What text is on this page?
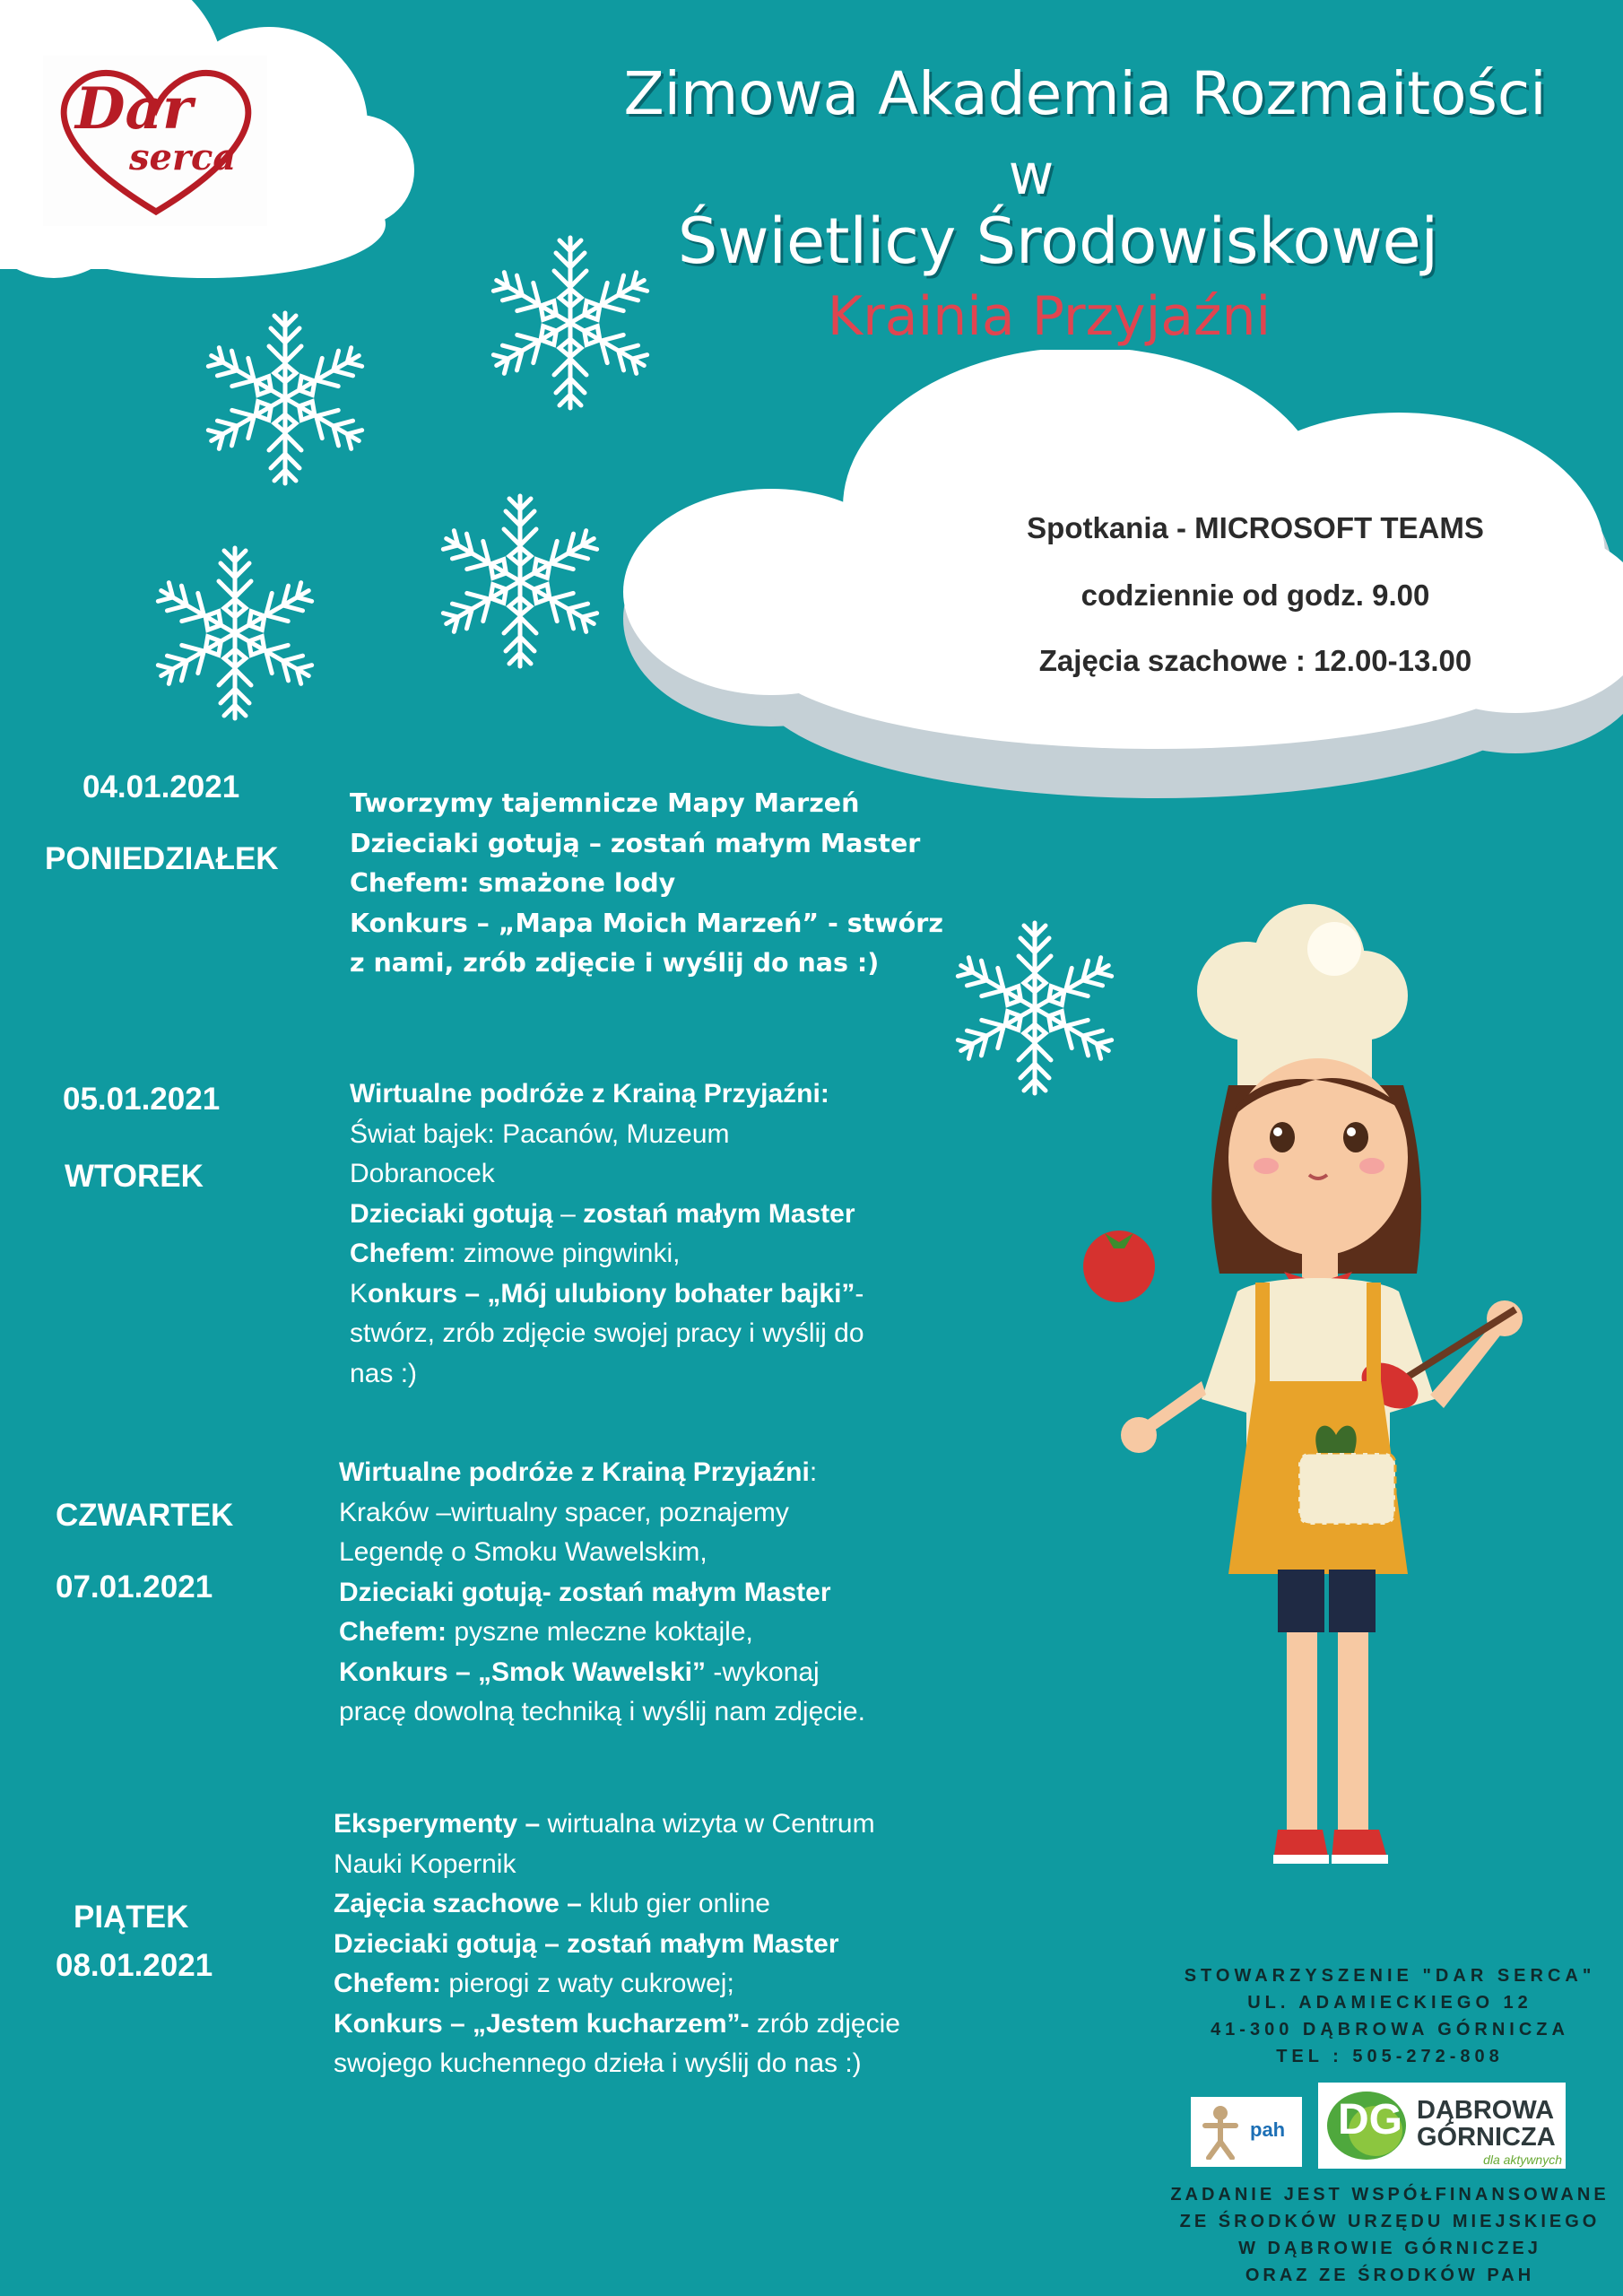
Dar
serca
Zimowa Akademia Rozmaitości
w
Świetlicy Środowiskowej
Krainia Przyjaźni
Spotkania - MICROSOFT TEAMS
codziennie od godz. 9.00
Zajęcia szachowe : 12.00-13.00
04.01.2021
PONIEDZIAŁEK
Tworzymy tajemnicze Mapy Marzeń
Dzieciaki gotują – zostań małym Master
Chefem: smażone lody
Konkurs – „Mapa Moich Marzeń” - stwórz
z nami, zrób zdjęcie i wyślij do nas :)
05.01.2021
WTOREK
Wirtualne podróże z Krainą Przyjaźni:
Świat bajek: Pacanów, Muzeum
Dobranocek
Dzieciaki gotują – zostań małym Master
Chefem: zimowe pingwinki,
Konkurs – „Mój ulubiony bohater bajki”-
stwórz, zrób zdjęcie swojej pracy i wyślij do
nas :)
CZWARTEK
07.01.2021
Wirtualne podróże z Krainą Przyjaźni:
Kraków –wirtualny spacer, poznajemy
Legendę o Smoku Wawelskim,
Dzieciaki gotują- zostań małym Master
Chefem: pyszne mleczne koktajle,
Konkurs – „Smok Wawelski” -wykonaj
pracę dowolną techniką i wyślij nam zdjęcie.
PIĄTEK
08.01.2021
Eksperymenty – wirtualna wizyta w Centrum
Nauki Kopernik
Zajęcia szachowe – klub gier online
Dzieciaki gotują – zostań małym Master
Chefem: pierogi z waty cukrowej;
Konkurs – „Jestem kucharzem”- zrób zdjęcie
swojego kuchennego dzieła i wyślij do nas :)
STOWARZYSZENIE "DAR SERCA"
UL. ADAMIECKIEGO 12
41-300 DĄBROWA GÓRNICZA
TEL : 505-272-808
pah DG DĄBROWA
GÓRNICZA
dla aktywnych
ZADANIE JEST WSPÓŁFINANSOWANE
ZE ŚRODKÓW URZĘDU MIEJSKIEGO
W DĄBROWIE GÓRNICZEJ
ORAZ ZE ŚRODKÓW PAH
